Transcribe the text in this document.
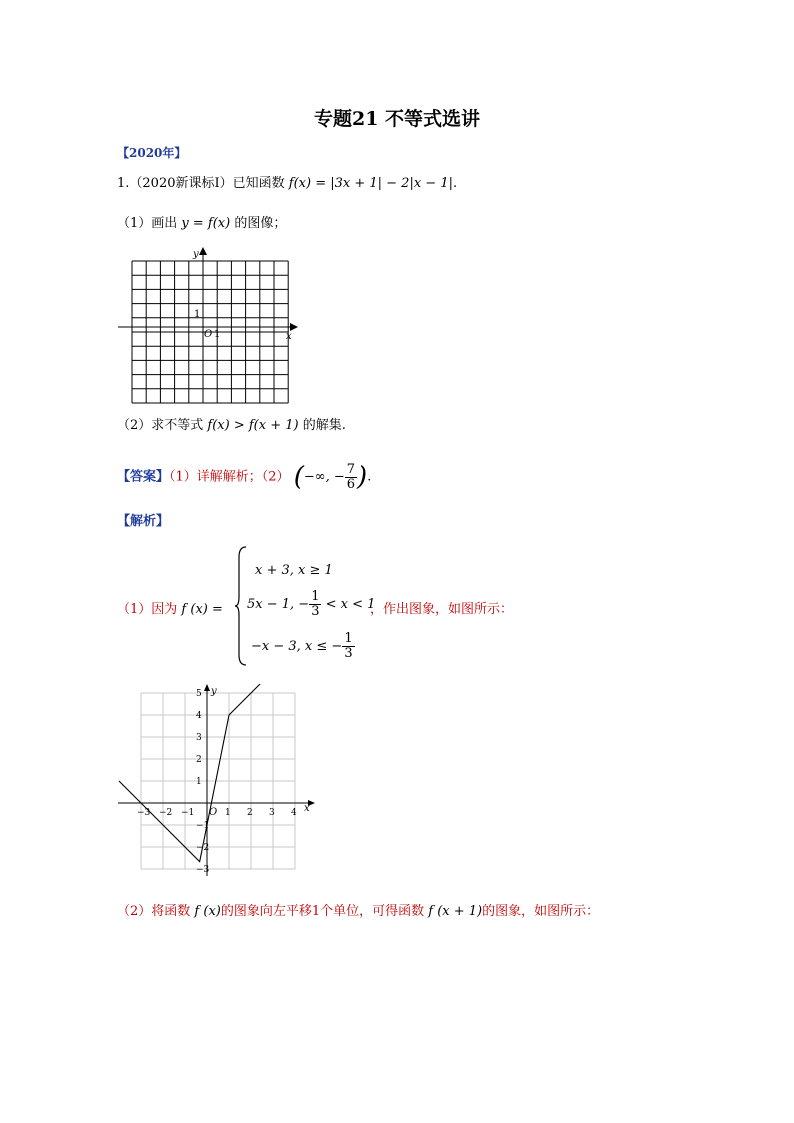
专题21 不等式选讲
【2020年】
1.（2020新课标Ⅰ）已知函数 f(x) = |3x + 1| − 2|x − 1|.
（1）画出 y = f(x) 的图像；
y
x
O
1
1
（2）求不等式 f(x) > f(x + 1) 的解集.
【答案】（1）详解解析；（2） (−∞, − $\frac{7}{6}$ ).
【解析】
（1）因为 f (x) =
x + 3, x ≥ 1
5x − 1, − $\frac{1}{3} < x < 1$
−x − 3, x ≤ − $\frac{1}{3}$
，作出图象，如图所示：
−3 −2 −1	1 2 3 4
5
4
3
2
1
−1
−2
−3
y
x
O
（2）将函数 f (x)的图象向左平移1个单位，可得函数 f (x + 1)的图象，如图所示：
